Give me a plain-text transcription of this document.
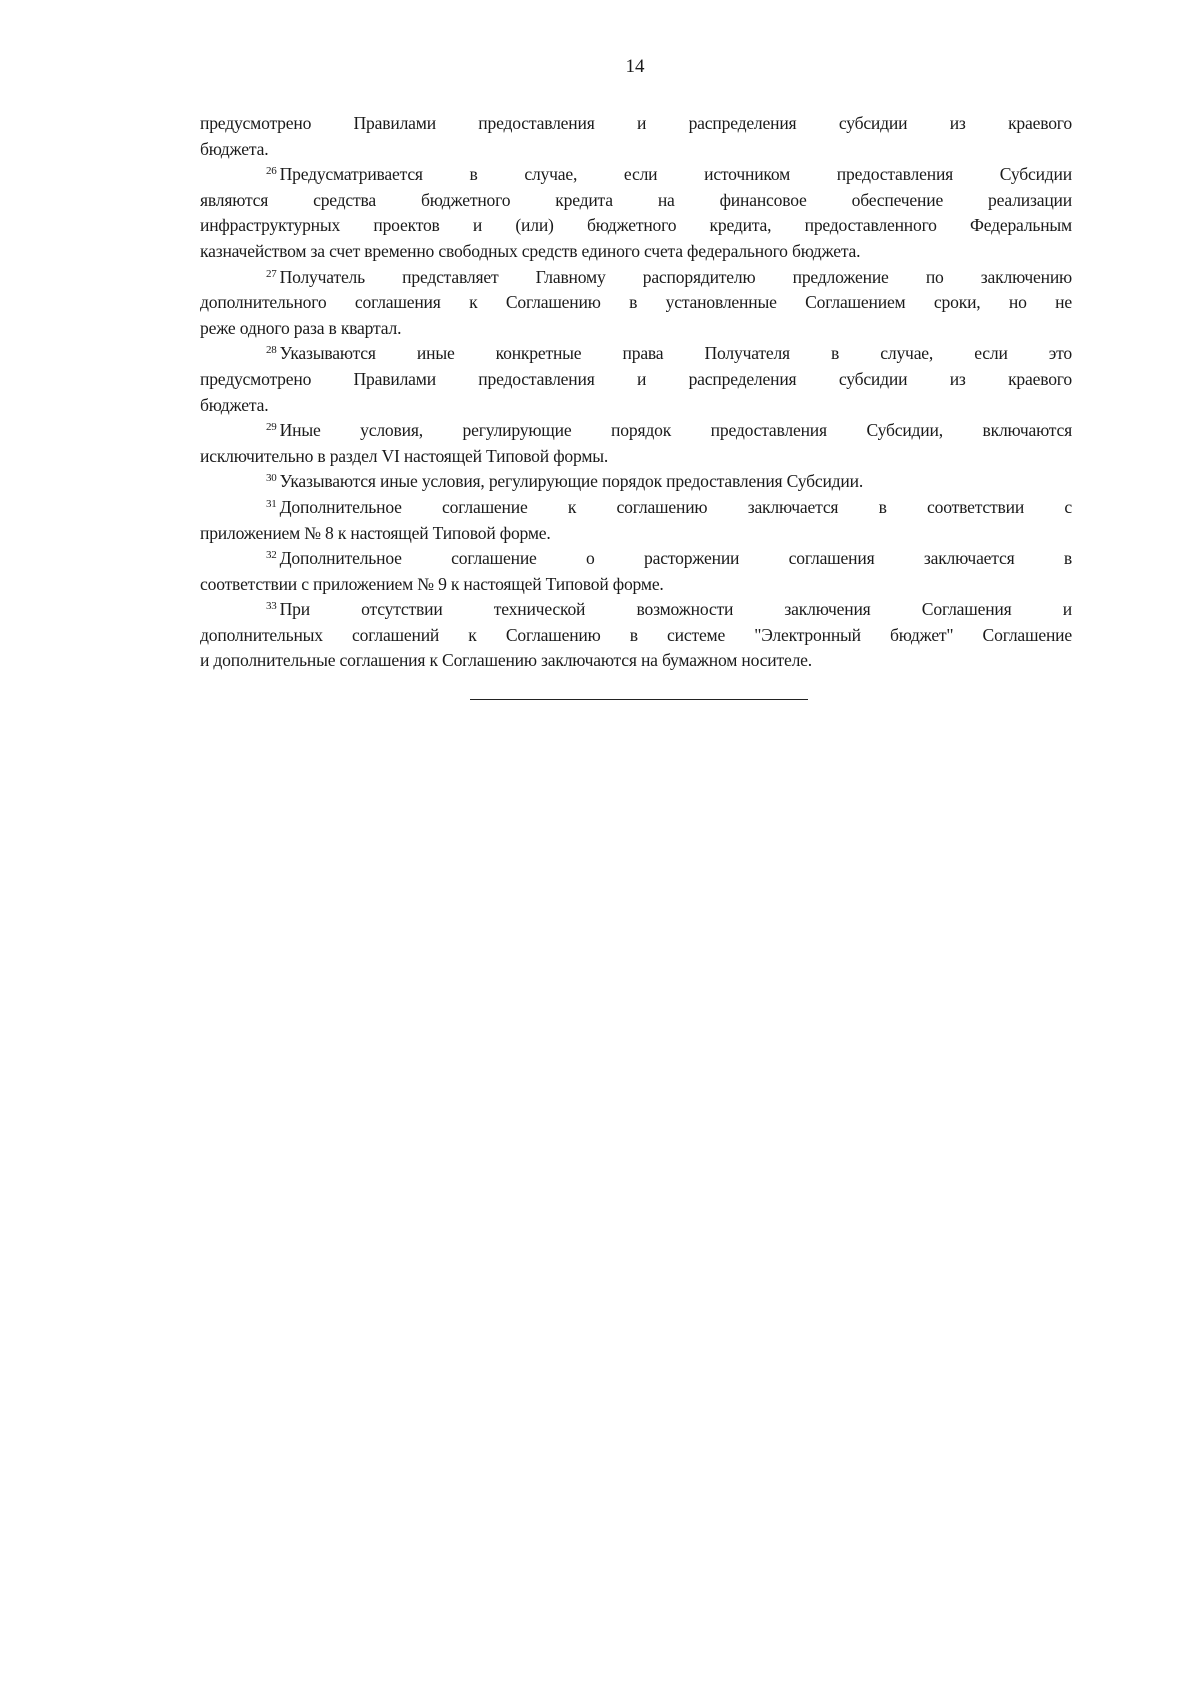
14
предусмотрено Правилами предоставления и распределения субсидии из краевого
бюджета.
$^{26}$ Предусматривается в случае, если источником предоставления Субсидии
являются средства бюджетного кредита на финансовое обеспечение реализации
инфраструктурных проектов и (или) бюджетного кредита, предоставленного Федеральным
казначейством за счет временно свободных средств единого счета федерального бюджета.
$^{27}$ Получатель представляет Главному распорядителю предложение по заключению
дополнительного соглашения к Соглашению в установленные Соглашением сроки, но не
реже одного раза в квартал.
$^{28}$ Указываются иные конкретные права Получателя в случае, если это
предусмотрено Правилами предоставления и распределения субсидии из краевого
бюджета.
$^{29}$ Иные условия, регулирующие порядок предоставления Субсидии, включаются
исключительно в раздел VI настоящей Типовой формы.
$^{30}$ Указываются иные условия, регулирующие порядок предоставления Субсидии.
$^{31}$ Дополнительное соглашение к соглашению заключается в соответствии с
приложением № 8 к настоящей Типовой форме.
$^{32}$ Дополнительное соглашение о расторжении соглашения заключается в
соответствии с приложением № 9 к настоящей Типовой форме.
$^{33}$ При отсутствии технической возможности заключения Соглашения и
дополнительных соглашений к Соглашению в системе "Электронный бюджет" Соглашение
и дополнительные соглашения к Соглашению заключаются на бумажном носителе.
